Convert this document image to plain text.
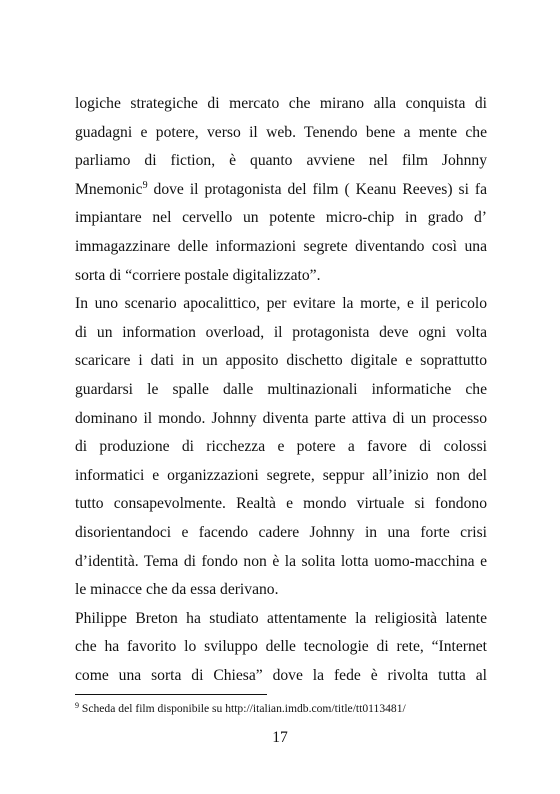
logiche strategiche di mercato che mirano alla conquista di
guadagni e potere, verso il web. Tenendo bene a mente che
parliamo di fiction, è quanto avviene nel film Johnny
Mnemonic$^9$ dove il protagonista del film ( Keanu Reeves) si fa
impiantare nel cervello un potente micro-chip in grado d’
immagazzinare delle informazioni segrete diventando così una
sorta di “corriere postale digitalizzato”.
In uno scenario apocalittico, per evitare la morte, e il pericolo
di un information overload, il protagonista deve ogni volta
scaricare i dati in un apposito dischetto digitale e soprattutto
guardarsi le spalle dalle multinazionali informatiche che
dominano il mondo. Johnny diventa parte attiva di un processo
di produzione di ricchezza e potere a favore di colossi
informatici e organizzazioni segrete, seppur all’inizio non del
tutto consapevolmente. Realtà e mondo virtuale si fondono
disorientandoci e facendo cadere Johnny in una forte crisi
d’identità. Tema di fondo non è la solita lotta uomo-macchina e
le minacce che da essa derivano.
Philippe Breton ha studiato attentamente la religiosità latente
che ha favorito lo sviluppo delle tecnologie di rete, “Internet
come una sorta di Chiesa” dove la fede è rivolta tutta al
$^9$ Scheda del film disponibile su http://italian.imdb.com/title/tt0113481/
17
